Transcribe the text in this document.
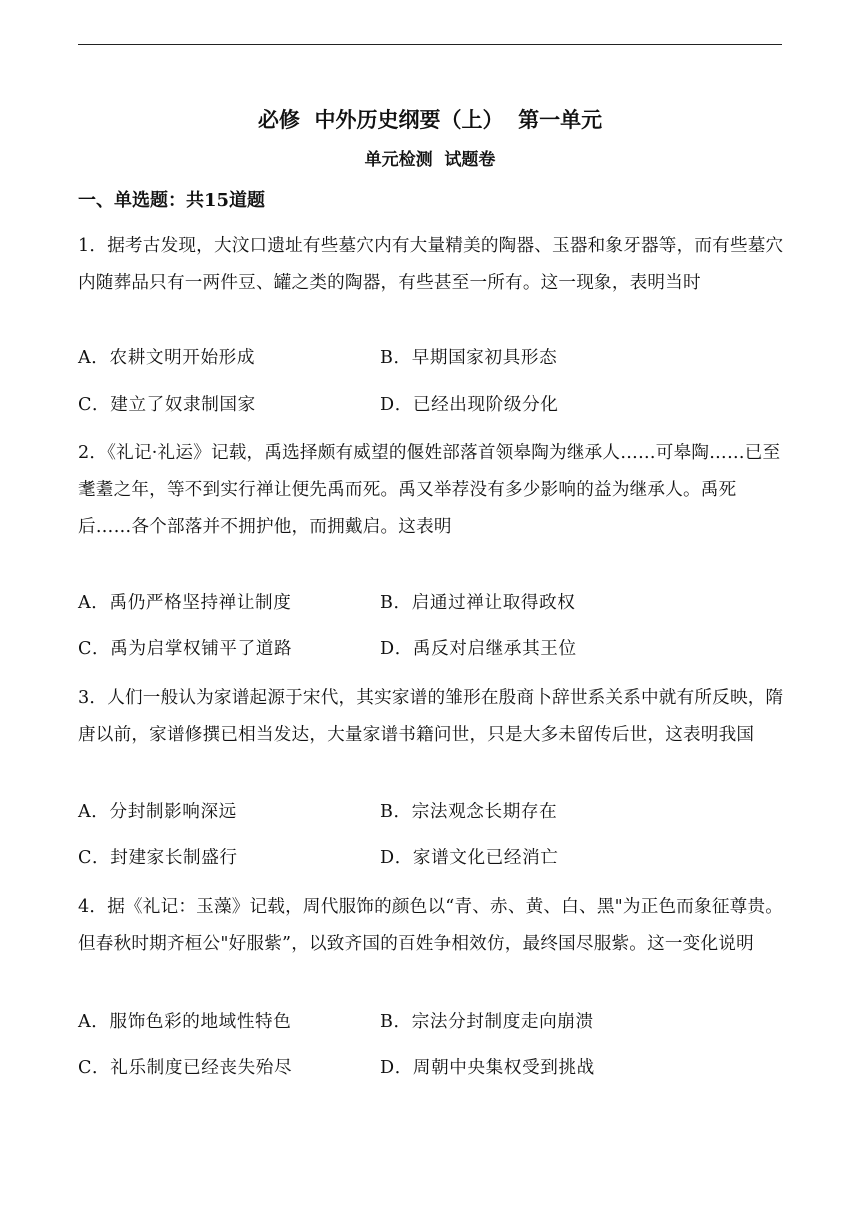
必修  中外历史纲要（上）  第一单元
单元检测  试题卷
一、单选题：共15道题
1．据考古发现，大汶口遗址有些墓穴内有大量精美的陶器、玉器和象牙器等，而有些墓穴内随葬品只有一两件豆、罐之类的陶器，有些甚至一所有。这一现象，表明当时
A．农耕文明开始形成	B．早期国家初具形态
C．建立了奴隶制国家	D．已经出现阶级分化
2．《礼记·礼运》记载，禹选择颇有威望的偃姓部落首领皋陶为继承人……可皋陶……已至耄耋之年，等不到实行禅让便先禹而死。禹又举荐没有多少影响的益为继承人。禹死后……各个部落并不拥护他，而拥戴启。这表明
A．禹仍严格坚持禅让制度	B．启通过禅让取得政权
C．禹为启掌权铺平了道路	D．禹反对启继承其王位
3．人们一般认为家谱起源于宋代，其实家谱的雏形在殷商卜辞世系关系中就有所反映，隋唐以前，家谱修撰已相当发达，大量家谱书籍问世，只是大多未留传后世，这表明我国
A．分封制影响深远	B．宗法观念长期存在
C．封建家长制盛行	D．家谱文化已经消亡
4．据《礼记：玉藻》记载，周代服饰的颜色以“青、赤、黄、白、黑"为正色而象征尊贵。但春秋时期齐桓公"好服紫”，以致齐国的百姓争相效仿，最终国尽服紫。这一变化说明
A．服饰色彩的地域性特色	B．宗法分封制度走向崩溃
C．礼乐制度已经丧失殆尽	D．周朝中央集权受到挑战
